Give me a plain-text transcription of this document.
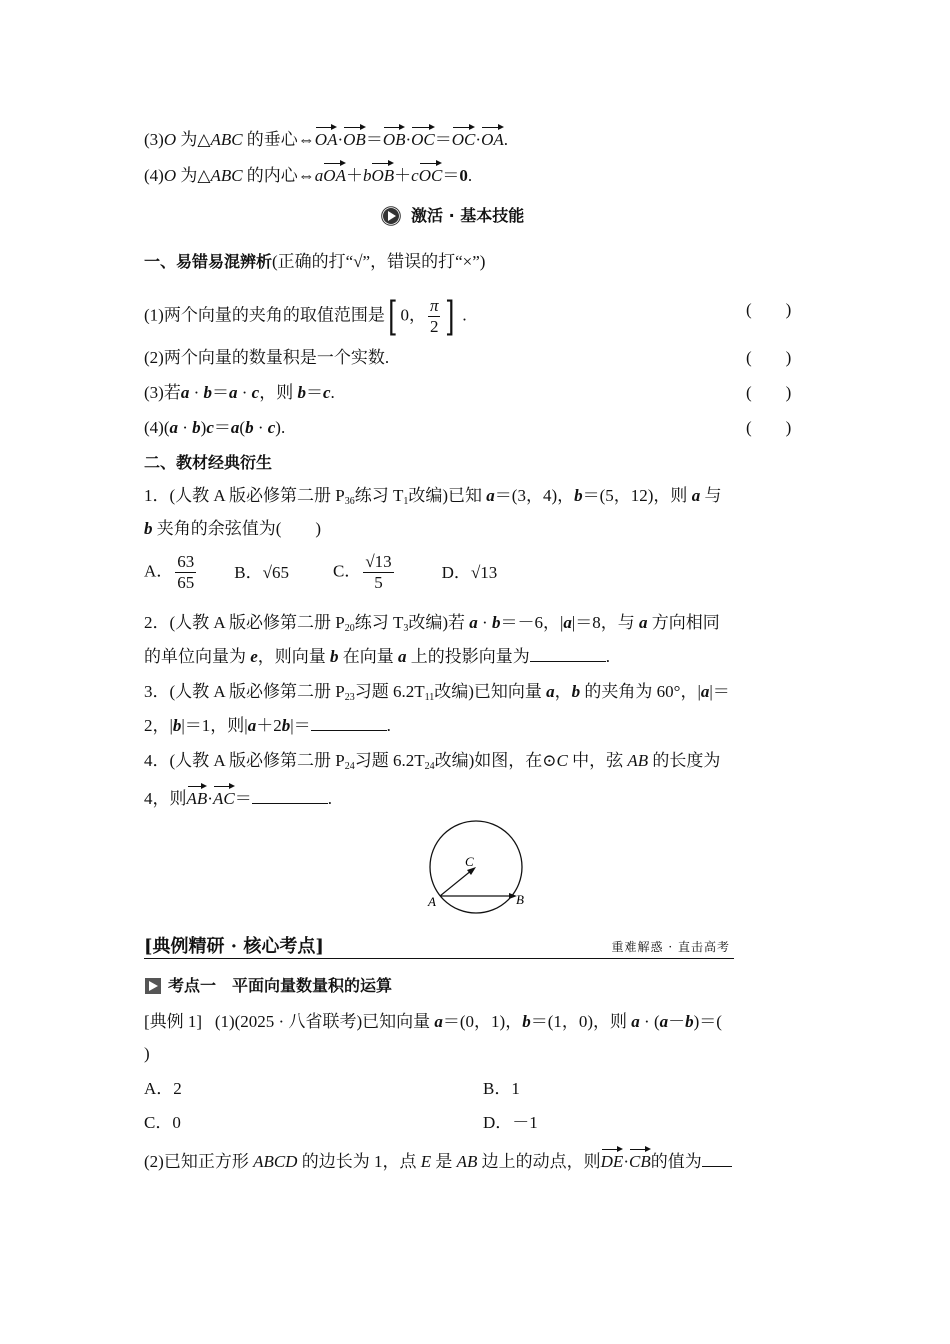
(3)O 为△ABC 的垂心⇔OA·OB＝OB·OC＝OC·OA.
(4)O 为△ABC 的内心⇔aOA＋bOB＋cOC＝0.
激活 · 基本技能
一、易错易混辨析(正确的打“√”，错误的打“×”)
(1)两个向量的夹角的取值范围是[ 0， $\frac{\pi}{2}$ ] .	(　　)
(2)两个向量的数量积是一个实数.	(　　)
(3)若a · b＝a · c，则 b＝c.	(　　)
(4)(a · b)c＝a(b · c).	(　　)
二、教材经典衍生
1．(人教 A 版必修第二册 $P_{36}$练习 $T_1$改编)已知 a＝(3，4)，b＝(5，12)，则 a 与
b 夹角的余弦值为(　　)
A． $\frac{63}{65}$ B．√65	C． $\frac{√13}{5}$	D．√13
2．(人教 A 版必修第二册 $P_{20}$练习 $T_3$改编)若 a · b＝－6，|a|＝8，与 a 方向相同
的单位向量为 e，则向量 b 在向量 a 上的投影向量为	.
3．(人教 A 版必修第二册 $P_{23}$习题 $6.2T_{11}$改编)已知向量 a，b 的夹角为 60°，|a|＝
2，|b|＝1，则|a＋2b|＝	.
4．(人教 A 版必修第二册 $P_{24}$习题 $6.2T_{24}$改编)如图，在⊙C 中，弦 AB 的长度为
4，则AB·AC＝	.
A	B
C
[典例精研 · 核心考点]	重难解惑 · 直击高考
考点一　平面向量数量积的运算
[典例 1] (1)(2025 · 八省联考)已知向量 a＝(0，1)，b＝(1，0)，则 a · (a－b)＝(
)
A．2	B．1
C．0	D．－1
(2)已知正方形 ABCD 的边长为 1，点 E 是 AB 边上的动点，则DE·CB的值为
